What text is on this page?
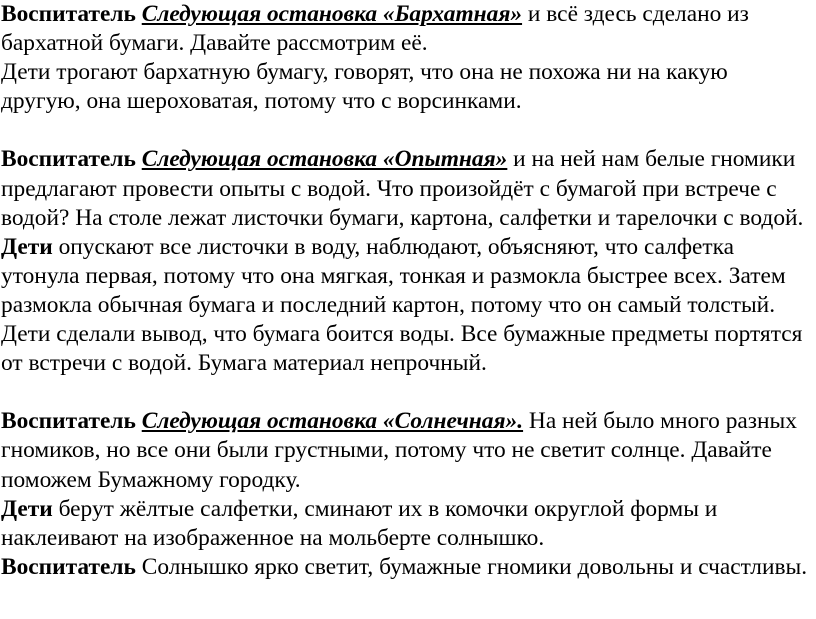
Воспитатель Следующая остановка «Бархатная» и всё здесь сделано из бархатной бумаги. Давайте рассмотрим её.

Дети трогают бархатную бумагу, говорят, что она не похожа ни на какую другую, она шероховатая, потому что с ворсинками.

Воспитатель Следующая остановка «Опытная» и на ней нам белые гномики предлагают провести опыты с водой. Что произойдёт с бумагой при встрече с водой? На столе лежат листочки бумаги, картона, салфетки и тарелочки с водой.

Дети опускают все листочки в воду, наблюдают, объясняют, что салфетка утонула первая, потому что она мягкая, тонкая и размокла быстрее всех. Затем размокла обычная бумага и последний картон, потому что он самый толстый. Дети сделали вывод, что бумага боится воды. Все бумажные предметы портятся от встречи с водой. Бумага материал непрочный.

Воспитатель Следующая остановка «Солнечная». На ней было много разных гномиков, но все они были грустными, потому что не светит солнце. Давайте поможем Бумажному городку.

Дети берут жёлтые салфетки, сминают их в комочки округлой формы и наклеивают на изображенное на мольберте солнышко.

Воспитатель Солнышко ярко светит, бумажные гномики довольны и счастливы.
